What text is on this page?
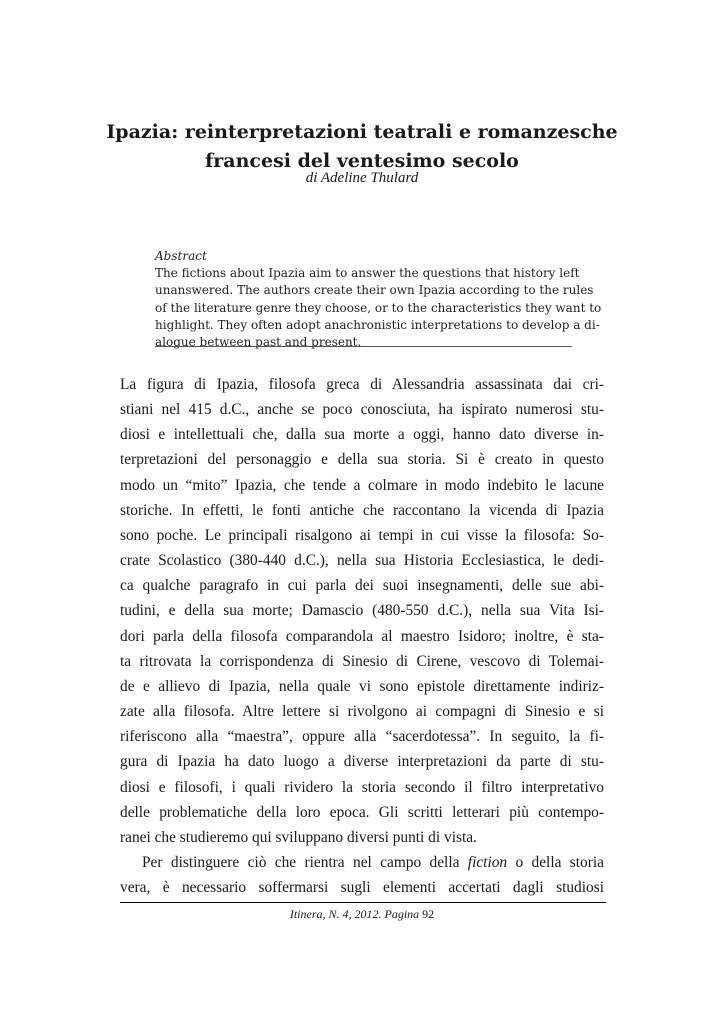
Ipazia: reinterpretazioni teatrali e romanzesche
francesi del ventesimo secolo
di Adeline Thulard
Abstract
The fictions about Ipazia aim to answer the questions that history left
unanswered. The authors create their own Ipazia according to the rules
of the literature genre they choose, or to the characteristics they want to
highlight. They often adopt anachronistic interpretations to develop a di-
alogue between past and present.
La figura di Ipazia, filosofa greca di Alessandria assassinata dai cri-
stiani nel 415 d.C., anche se poco conosciuta, ha ispirato numerosi stu-
diosi e intellettuali che, dalla sua morte a oggi, hanno dato diverse in-
terpretazioni del personaggio e della sua storia. Si è creato in questo
modo un “mito” Ipazia, che tende a colmare in modo indebito le lacune
storiche. In effetti, le fonti antiche che raccontano la vicenda di Ipazia
sono poche. Le principali risalgono ai tempi in cui visse la filosofa: So-
crate Scolastico (380-440 d.C.), nella sua Historia Ecclesiastica, le dedi-
ca qualche paragrafo in cui parla dei suoi insegnamenti, delle sue abi-
tudini, e della sua morte; Damascio (480-550 d.C.), nella sua Vita Isi-
dori parla della filosofa comparandola al maestro Isidoro; inoltre, è sta-
ta ritrovata la corrispondenza di Sinesio di Cirene, vescovo di Tolemai-
de e allievo di Ipazia, nella quale vi sono epistole direttamente indiriz-
zate alla filosofa. Altre lettere si rivolgono ai compagni di Sinesio e si
riferiscono alla “maestra”, oppure alla “sacerdotessa”. In seguito, la fi-
gura di Ipazia ha dato luogo a diverse interpretazioni da parte di stu-
diosi e filosofi, i quali rividero la storia secondo il filtro interpretativo
delle problematiche della loro epoca. Gli scritti letterari più contempo-
ranei che studieremo qui sviluppano diversi punti di vista.
Per distinguere ciò che rientra nel campo della fiction o della storia
vera, è necessario soffermarsi sugli elementi accertati dagli studiosi
Itinera, N. 4, 2012. Pagina 92
